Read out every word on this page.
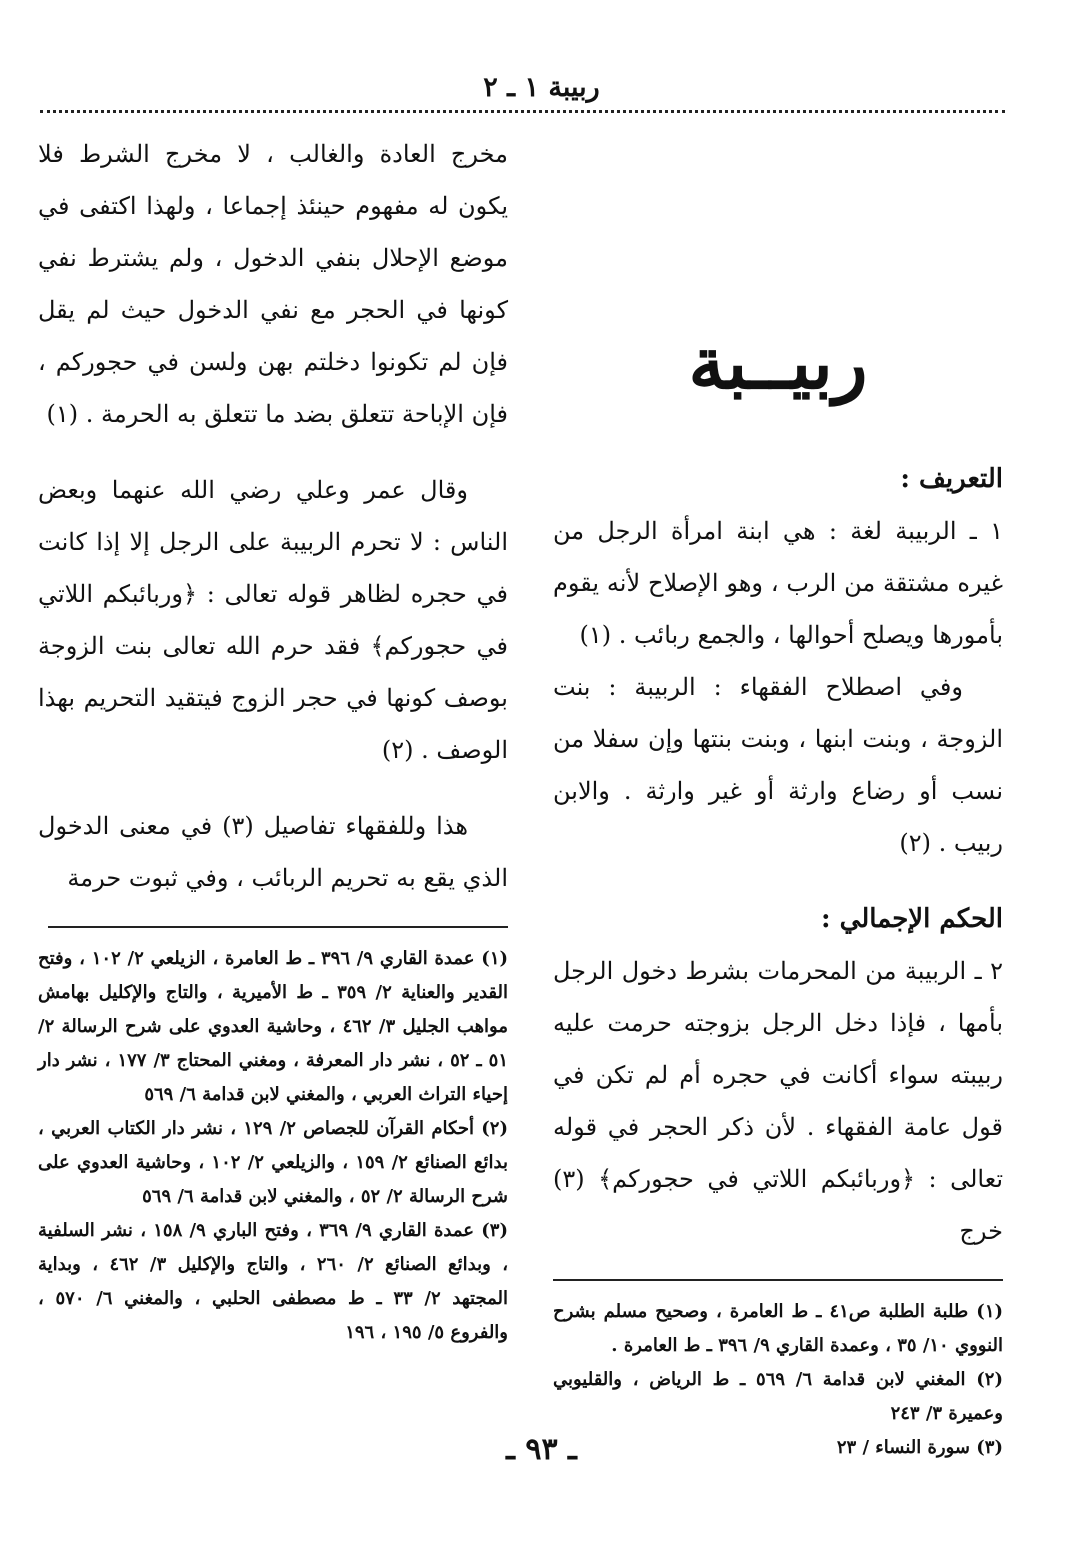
ربيبة ١ ـ ٢
ربيــبة
التعريف :

١ ـ الربيبة لغة : هي ابنة امرأة الرجل من غيره مشتقة من الرب ، وهو الإصلاح لأنه يقوم بأمورها ويصلح أحوالها ، والجمع ربائب . (١)

وفي اصطلاح الفقهاء : الربيبة : بنت الزوجة ، وبنت ابنها ، وبنت بنتها وإن سفلا من نسب أو رضاع وارثة أو غير وارثة . والابن ربيب . (٢)

الحكم الإجمالي :

٢ ـ الربيبة من المحرمات بشرط دخول الرجل بأمها ، فإذا دخل الرجل بزوجته حرمت عليه ربيبته سواء أكانت في حجره أم لم تكن في قول عامة الفقهاء . لأن ذكر الحجر في قوله تعالى : ﴿وربائبكم اللاتي في حجوركم﴾ (٣) خرج

(١) طلبة الطلبة ص٤١ ـ ط العامرة ، وصحيح مسلم بشرح النووي ١٠/ ٣٥ ، وعمدة القاري ٩/ ٣٩٦ ـ ط العامرة .

(٢) المغني لابن قدامة ٦/ ٥٦٩ ـ ط الرياض ، والقليوبي وعميرة ٣/ ٢٤٣

(٣) سورة النساء / ٢٣

مخرج العادة والغالب ، لا مخرج الشرط فلا يكون له مفهوم حينئذ إجماعا ، ولهذا اكتفى في موضع الإحلال بنفي الدخول ، ولم يشترط نفي كونها في الحجر مع نفي الدخول حيث لم يقل فإن لم تكونوا دخلتم بهن ولسن في حجوركم ، فإن الإباحة تتعلق بضد ما تتعلق به الحرمة . (١)

وقال عمر وعلي رضي الله عنهما وبعض الناس : لا تحرم الربيبة على الرجل إلا إذا كانت في حجره لظاهر قوله تعالى : ﴿وربائبكم اللاتي في حجوركم﴾ فقد حرم الله تعالى بنت الزوجة بوصف كونها في حجر الزوج فيتقيد التحريم بهذا الوصف . (٢)

هذا وللفقهاء تفاصيل (٣) في معنى الدخول الذي يقع به تحريم الربائب ، وفي ثبوت حرمة

(١) عمدة القاري ٩/ ٣٩٦ ـ ط العامرة ، الزيلعي ٢/ ١٠٢ ، وفتح القدير والعناية ٢/ ٣٥٩ ـ ط الأميرية ، والتاج والإكليل بهامش مواهب الجليل ٣/ ٤٦٢ ، وحاشية العدوي على شرح الرسالة ٢/ ٥١ ـ ٥٢ ، نشر دار المعرفة ، ومغني المحتاج ٣/ ١٧٧ ، نشر دار إحياء التراث العربي ، والمغني لابن قدامة ٦/ ٥٦٩

(٢) أحكام القرآن للجصاص ٢/ ١٢٩ ، نشر دار الكتاب العربي ، بدائع الصنائع ٢/ ١٥٩ ، والزيلعي ٢/ ١٠٢ ، وحاشية العدوي على شرح الرسالة ٢/ ٥٢ ، والمغني لابن قدامة ٦/ ٥٦٩

(٣) عمدة القاري ٩/ ٣٦٩ ، وفتح الباري ٩/ ١٥٨ ، نشر السلفية ، وبدائع الصنائع ٢/ ٢٦٠ ، والتاج والإكليل ٣/ ٤٦٢ ، وبداية المجتهد ٢/ ٣٣ ـ ط مصطفى الحلبي ، والمغني ٦/ ٥٧٠ ، والفروع ٥/ ١٩٥ ، ١٩٦

ـ ٩٣ ـ
